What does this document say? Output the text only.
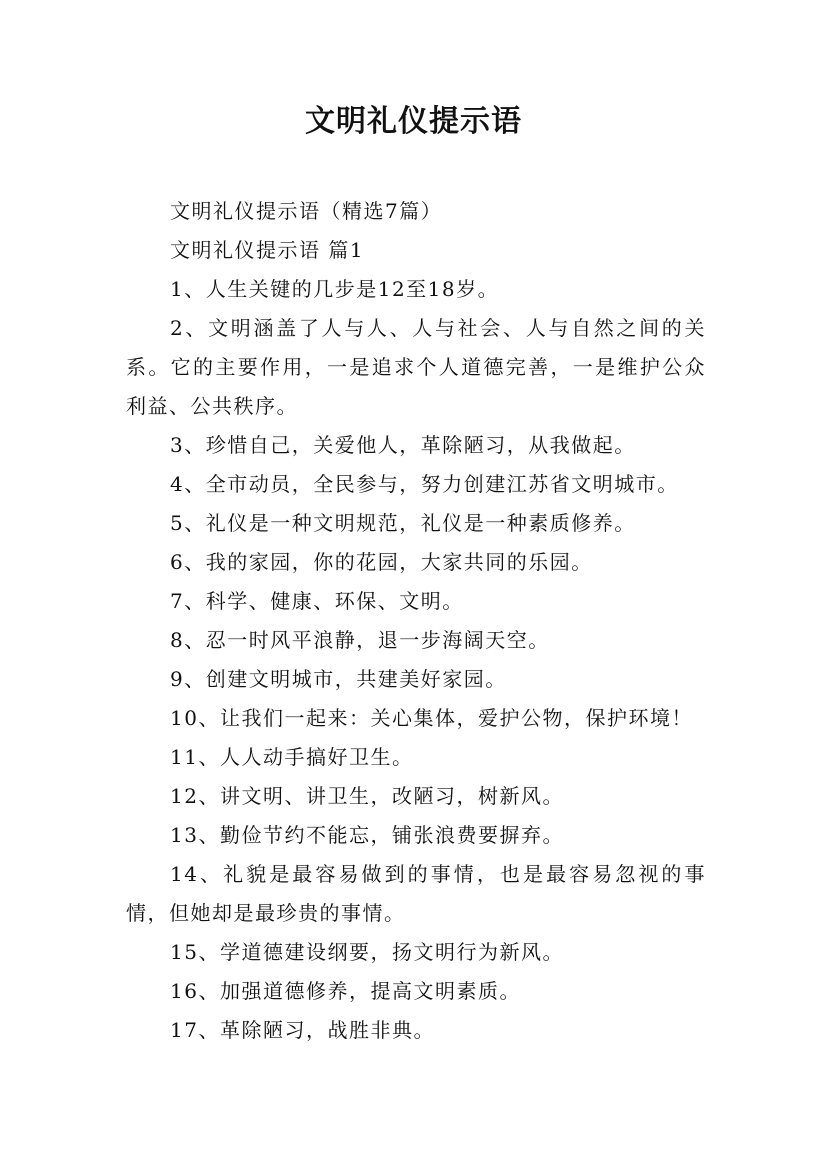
文明礼仪提示语

文明礼仪提示语（精选7篇）

文明礼仪提示语 篇1

1、人生关键的几步是12至18岁。

2、文明涵盖了人与人、人与社会、人与自然之间的关系。它的主要作用，一是追求个人道德完善，一是维护公众利益、公共秩序。

3、珍惜自己，关爱他人，革除陋习，从我做起。

4、全市动员，全民参与，努力创建江苏省文明城市。

5、礼仪是一种文明规范，礼仪是一种素质修养。

6、我的家园，你的花园，大家共同的乐园。

7、科学、健康、环保、文明。

8、忍一时风平浪静，退一步海阔天空。

9、创建文明城市，共建美好家园。

10、让我们一起来：关心集体，爱护公物，保护环境！

11、人人动手搞好卫生。

12、讲文明、讲卫生，改陋习，树新风。

13、勤俭节约不能忘，铺张浪费要摒弃。

14、礼貌是最容易做到的事情，也是最容易忽视的事情，但她却是最珍贵的事情。

15、学道德建设纲要，扬文明行为新风。

16、加强道德修养，提高文明素质。

17、革除陋习，战胜非典。
